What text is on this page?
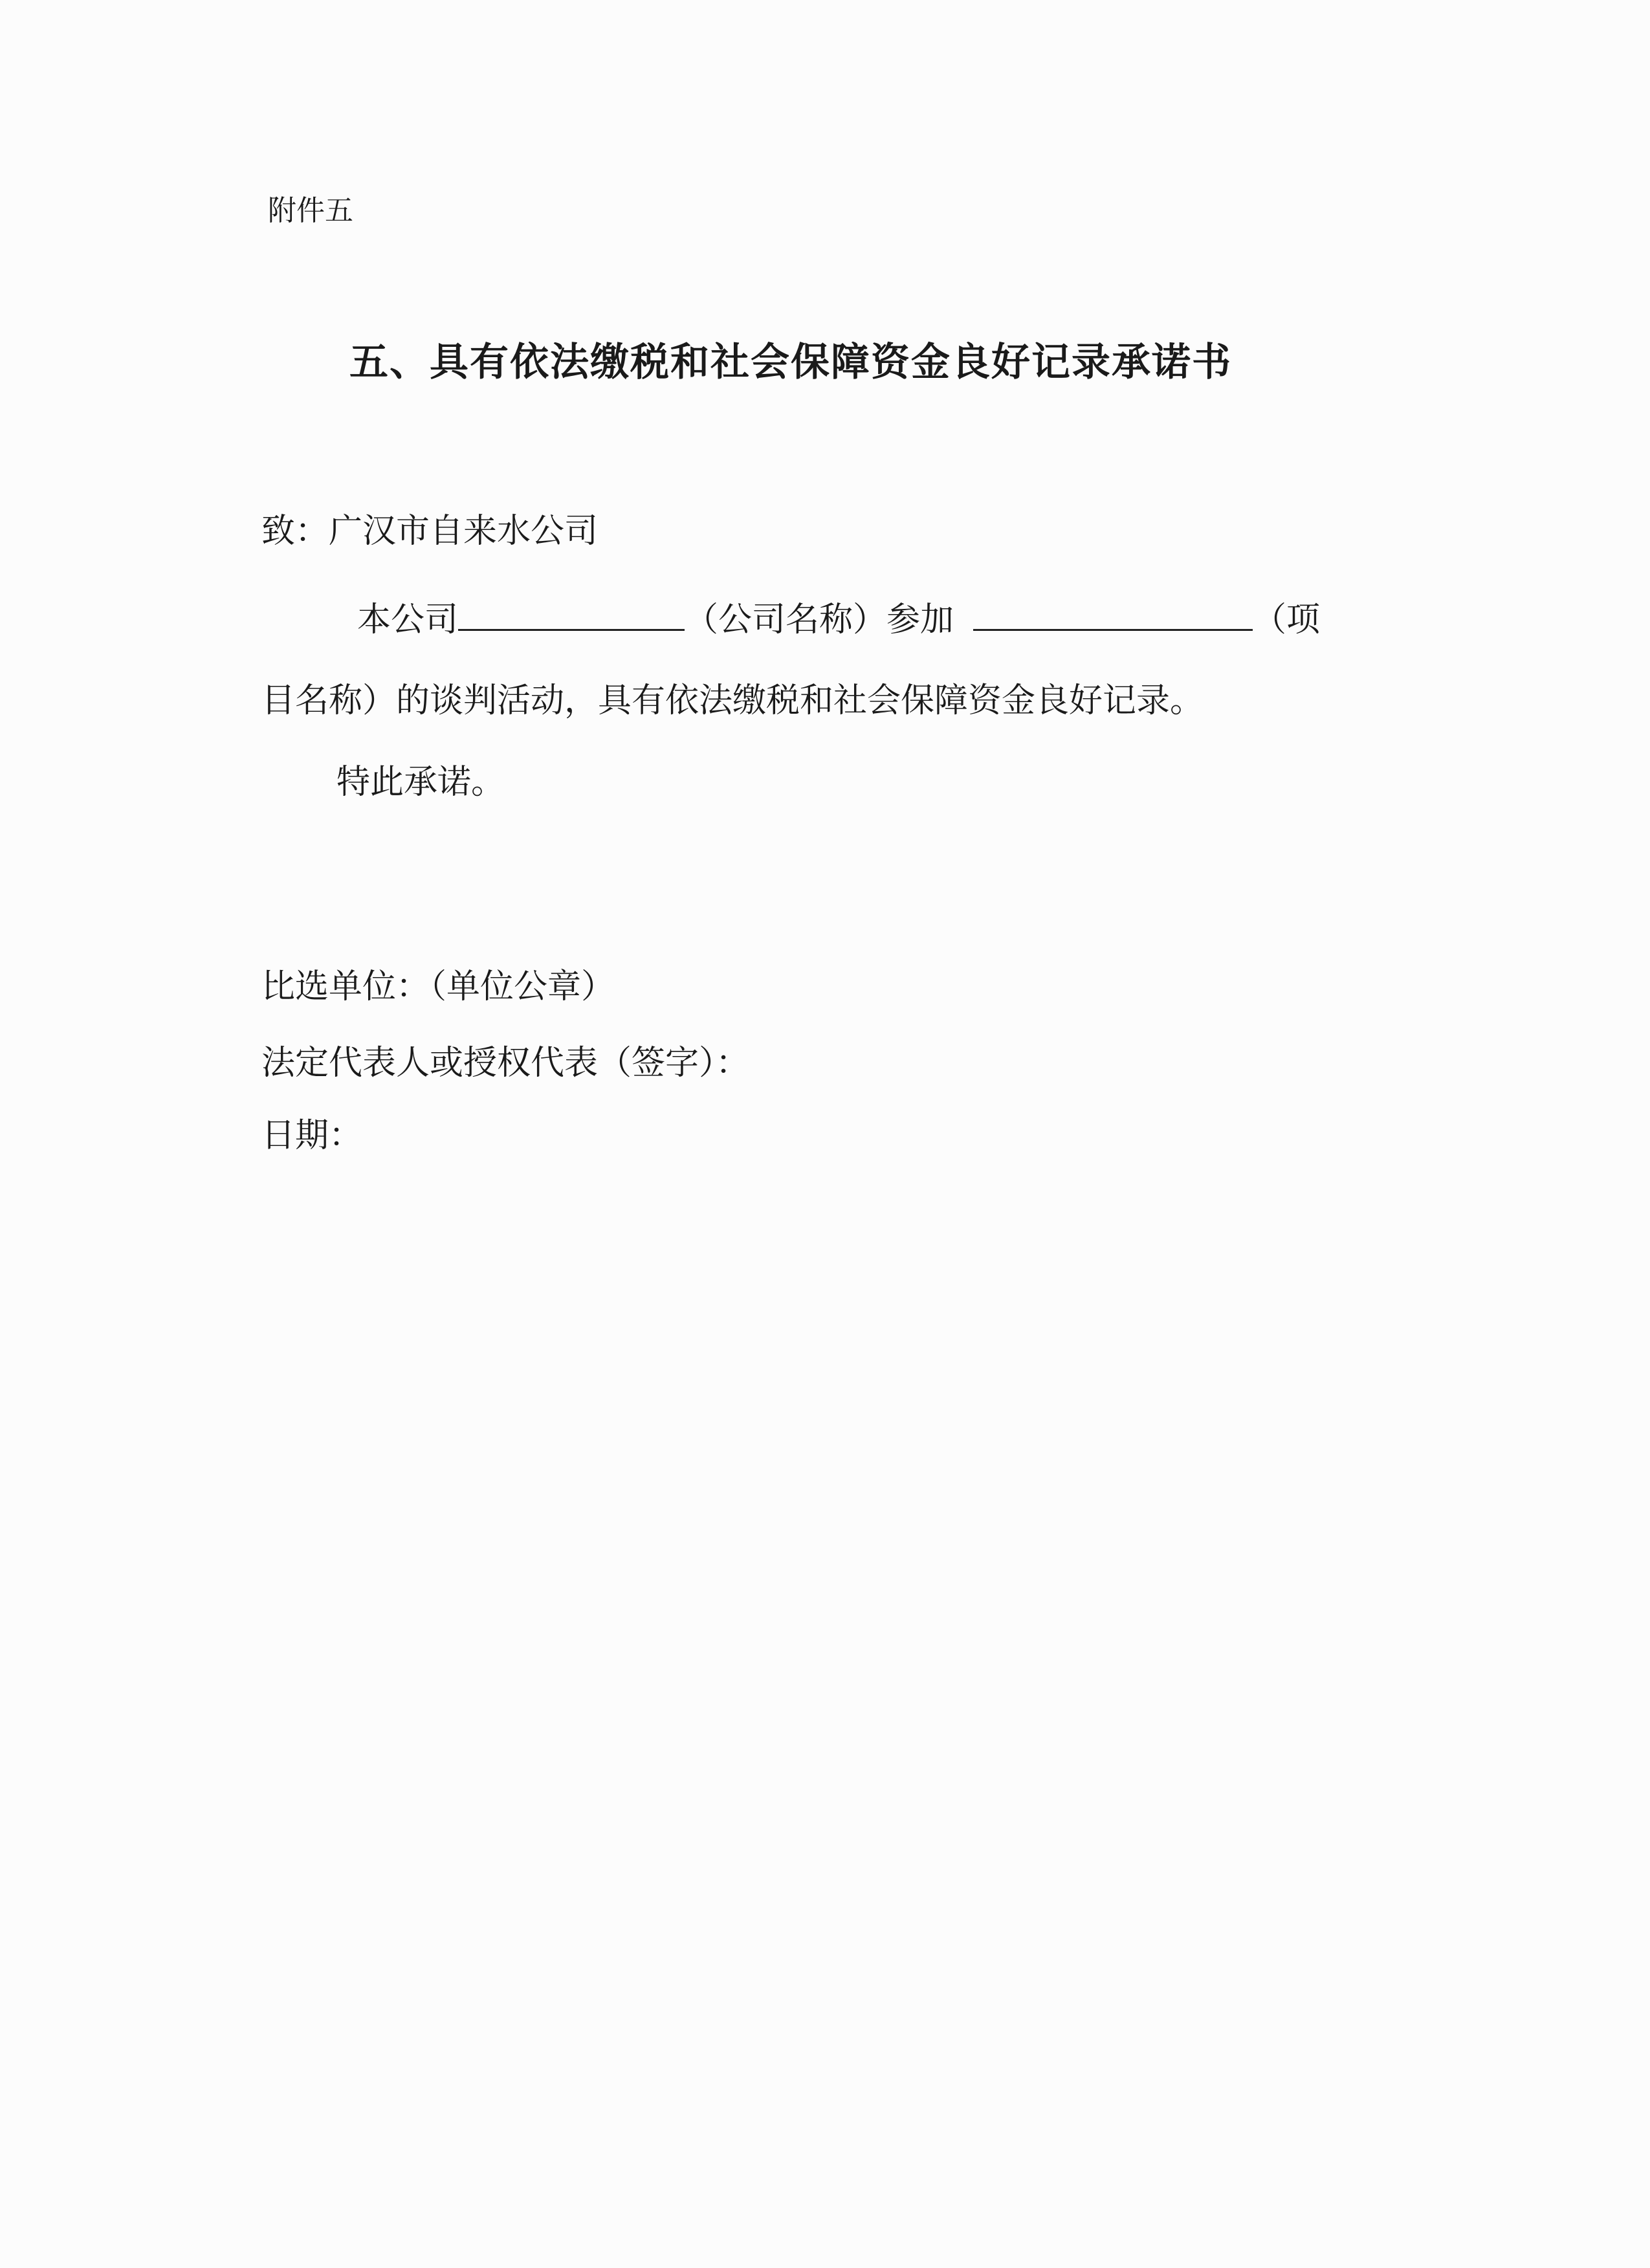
附件五
五、具有依法缴税和社会保障资金良好记录承诺书
致：广汉市自来水公司
本公司	（公司名称）参加	（项
目名称）的谈判活动，具有依法缴税和社会保障资金良好记录。
特此承诺。
比选单位：（单位公章）
法定代表人或授权代表（签字）：
日期：
